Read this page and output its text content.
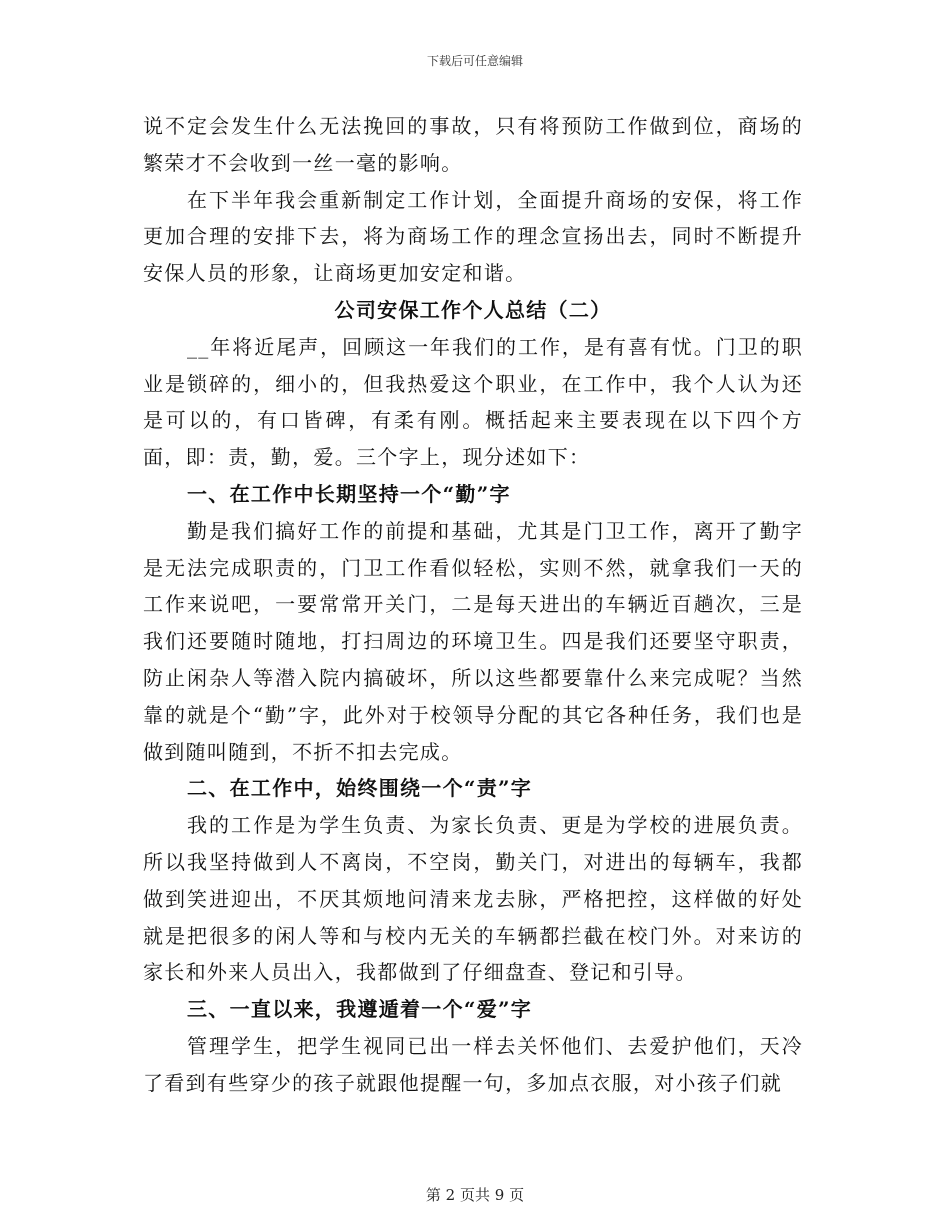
下载后可任意编辑

说不定会发生什么无法挽回的事故，只有将预防工作做到位，商场的繁荣才不会收到一丝一毫的影响。

在下半年我会重新制定工作计划，全面提升商场的安保，将工作更加合理的安排下去，将为商场工作的理念宣扬出去，同时不断提升安保人员的形象，让商场更加安定和谐。

公司安保工作个人总结（二）

__年将近尾声，回顾这一年我们的工作，是有喜有忧。门卫的职业是锁碎的，细小的，但我热爱这个职业，在工作中，我个人认为还是可以的，有口皆碑，有柔有刚。概括起来主要表现在以下四个方面，即：责，勤，爱。三个字上，现分述如下：

一、在工作中长期坚持一个“勤”字

勤是我们搞好工作的前提和基础，尤其是门卫工作，离开了勤字是无法完成职责的，门卫工作看似轻松，实则不然，就拿我们一天的工作来说吧，一要常常开关门，二是每天进出的车辆近百趟次，三是我们还要随时随地，打扫周边的环境卫生。四是我们还要坚守职责，防止闲杂人等潜入院内搞破坏，所以这些都要靠什么来完成呢？当然靠的就是个“勤”字，此外对于校领导分配的其它各种任务，我们也是做到随叫随到，不折不扣去完成。

二、在工作中，始终围绕一个“责”字

我的工作是为学生负责、为家长负责、更是为学校的进展负责。所以我坚持做到人不离岗，不空岗，勤关门，对进出的每辆车，我都做到笑进迎出，不厌其烦地问清来龙去脉，严格把控，这样做的好处就是把很多的闲人等和与校内无关的车辆都拦截在校门外。对来访的家长和外来人员出入，我都做到了仔细盘查、登记和引导。

三、一直以来，我遵遁着一个“爱”字

管理学生，把学生视同已出一样去关怀他们、去爱护他们，天冷了看到有些穿少的孩子就跟他提醒一句，多加点衣服，对小孩子们就

第 2 页共 9 页
